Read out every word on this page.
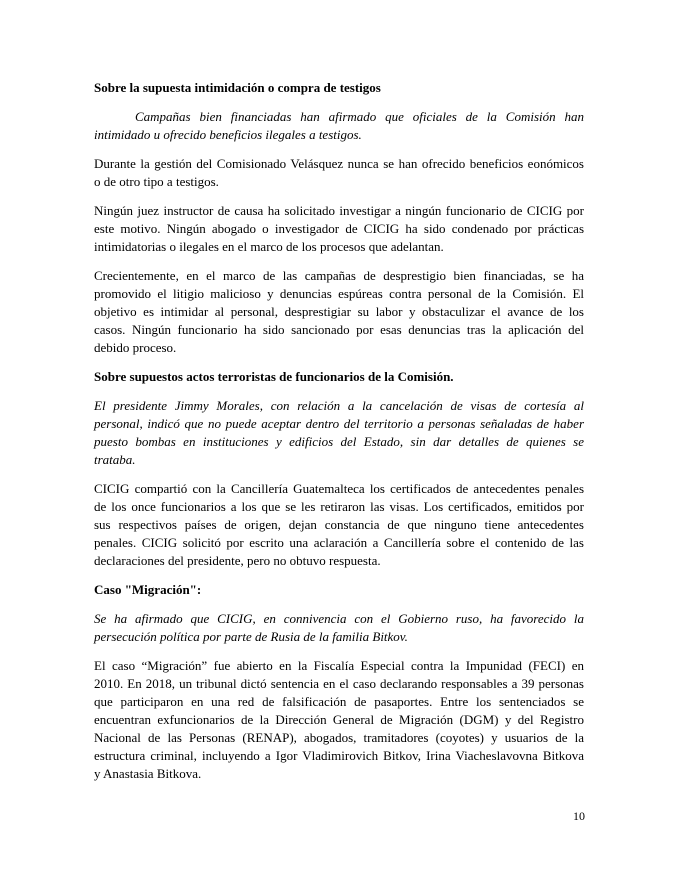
Sobre la supuesta intimidación o compra de testigos
Campañas bien financiadas han afirmado que oficiales de la Comisión han
intimidado u ofrecido beneficios ilegales a testigos.
Durante la gestión del Comisionado Velásquez nunca se han ofrecido beneficios eonómicos
o de otro tipo a testigos.
Ningún juez instructor de causa ha solicitado investigar a ningún funcionario de CICIG por
este motivo. Ningún abogado o investigador de CICIG ha sido condenado por prácticas
intimidatorias o ilegales en el marco de los procesos que adelantan.
Crecientemente, en el marco de las campañas de desprestigio bien financiadas, se ha
promovido el litigio malicioso y denuncias espúreas contra personal de la Comisión. El
objetivo es intimidar al personal, desprestigiar su labor y obstaculizar el avance de los
casos. Ningún funcionario ha sido sancionado por esas denuncias tras la aplicación del
debido proceso.
Sobre supuestos actos terroristas de funcionarios de la Comisión.
El presidente Jimmy Morales, con relación a la cancelación de visas de cortesía al
personal, indicó que no puede aceptar dentro del territorio a personas señaladas de haber
puesto bombas en instituciones y edificios del Estado, sin dar detalles de quienes se
trataba.
CICIG compartió con la Cancillería Guatemalteca los certificados de antecedentes penales
de los once funcionarios a los que se les retiraron las visas. Los certificados, emitidos por
sus respectivos países de origen, dejan constancia de que ninguno tiene antecedentes
penales. CICIG solicitó por escrito una aclaración a Cancillería sobre el contenido de las
declaraciones del presidente, pero no obtuvo respuesta.
Caso "Migración":
Se ha afirmado que CICIG, en connivencia con el Gobierno ruso, ha favorecido la
persecución política por parte de Rusia de la familia Bitkov.
El caso “Migración” fue abierto en la Fiscalía Especial contra la Impunidad (FECI) en
2010. En 2018, un tribunal dictó sentencia en el caso declarando responsables a 39 personas
que participaron en una red de falsificación de pasaportes. Entre los sentenciados se
encuentran exfuncionarios de la Dirección General de Migración (DGM) y del Registro
Nacional de las Personas (RENAP), abogados, tramitadores (coyotes) y usuarios de la
estructura criminal, incluyendo a Igor Vladimirovich Bitkov, Irina Viacheslavovna Bitkova
y Anastasia Bitkova.
10
